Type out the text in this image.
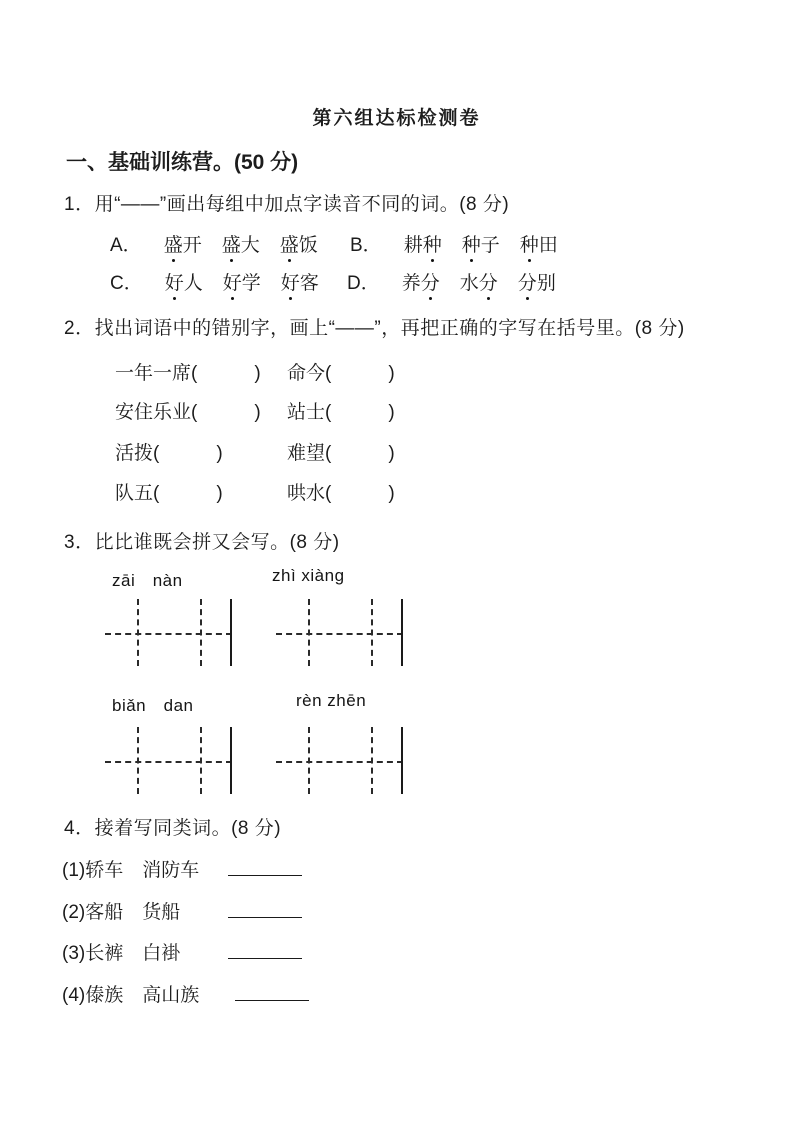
第六组达标检测卷
一、基础训练营。(50 分)
1．用“——”画出每组中加点字读音不同的词。(8 分)
A． 盛开 盛大 盛饭 B． 耕种 种子 种田
C． 好人 好学 好客 D． 养分 水分 分别
2．找出词语中的错别字，画上“——”，再把正确的字写在括号里。(8 分)
一年一席(　　　) 命今(　　　)
安住乐业(　　　) 站士(　　　)
活拨(　　　)	难望(　　　)
队五(　　　)	哄水(　　　)
3．比比谁既会拼又会写。(8 分)
zāi　nàn	zhì xiàng
biǎn　dan	rèn zhēn
4．接着写同类词。(8 分)
(1)轿车　消防车
(2)客船　货船
(3)长裤　白褂
(4)傣族　高山族
